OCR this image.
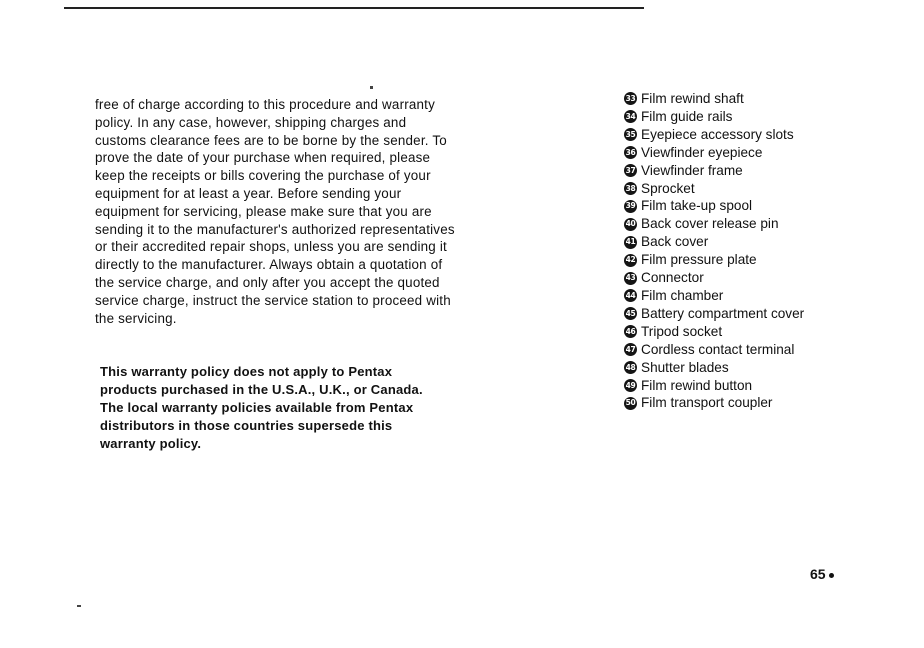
free of charge according to this procedure and warranty policy. In any case, however, shipping charges and customs clearance fees are to be borne by the sender. To prove the date of your purchase when required, please keep the receipts or bills covering the purchase of your equipment for at least a year. Before sending your equipment for servicing, please make sure that you are sending it to the manufacturer's authorized representatives or their accredited repair shops, unless you are sending it directly to the manufacturer. Always obtain a quotation of the service charge, and only after you accept the quoted service charge, instruct the service station to proceed with the servicing.

This warranty policy does not apply to Pentax products purchased in the U.S.A., U.K., or Canada. The local warranty policies available from Pentax distributors in those countries supersede this warranty policy.

33 Film rewind shaft
34 Film guide rails
35 Eyepiece accessory slots
36 Viewfinder eyepiece
37 Viewfinder frame
38 Sprocket
39 Film take-up spool
40 Back cover release pin
41 Back cover
42 Film pressure plate
43 Connector
44 Film chamber
45 Battery compartment cover
46 Tripod socket
47 Cordless contact terminal
48 Shutter blades
49 Film rewind button
50 Film transport coupler
65
